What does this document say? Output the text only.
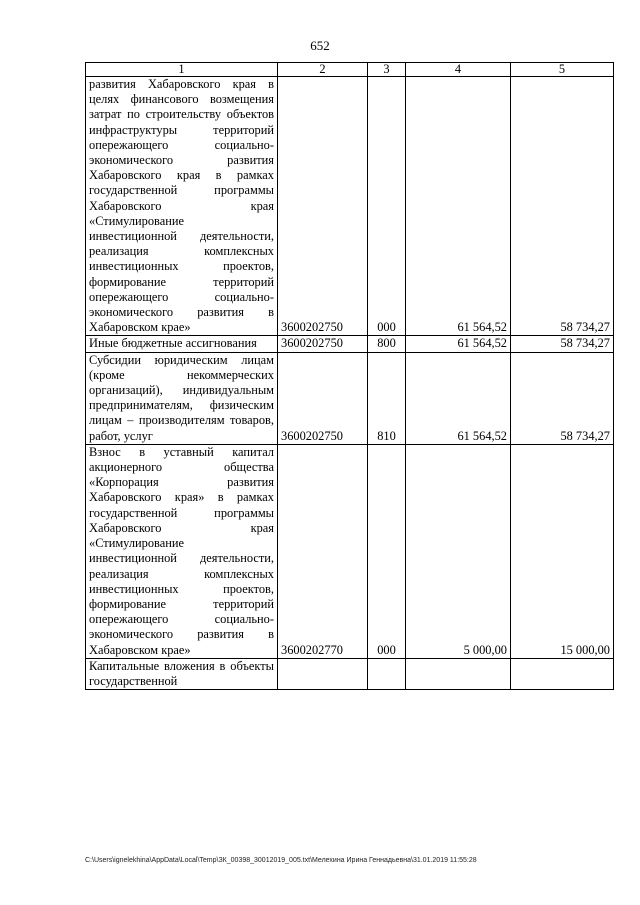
652
1	2	3	4	5
развития Хабаровского края в целях финансового возмещения затрат по строительству объектов инфраструктуры территорий опережающего социально-экономического развития Хабаровского края в рамках государственной программы Хабаровского края «Стимулирование инвестиционной деятельности, реализация комплексных инвестиционных проектов, формирование территорий опережающего социально-экономического развития в Хабаровском крае»	3600202750	000	61 564,52	58 734,27
Иные бюджетные ассигнования	3600202750	800	61 564,52	58 734,27
Субсидии юридическим лицам (кроме некоммерческих организаций), индивидуальным предпринимателям, физическим лицам – производителям товаров, работ, услуг	3600202750	810	61 564,52	58 734,27
Взнос в уставный капитал акционерного общества «Корпорация развития Хабаровского края» в рамках государственной программы Хабаровского края «Стимулирование инвестиционной деятельности, реализация комплексных инвестиционных проектов, формирование территорий опережающего социально-экономического развития в Хабаровском крае»	3600202770	000	5 000,00	15 000,00
Капитальные вложения в объекты государственной				
C:\Users\ignelekhina\AppData\Local\Temp\ЗК_00398_30012019_005.txt\Мелехина Ирина Геннадьевна\31.01.2019 11:55:28
